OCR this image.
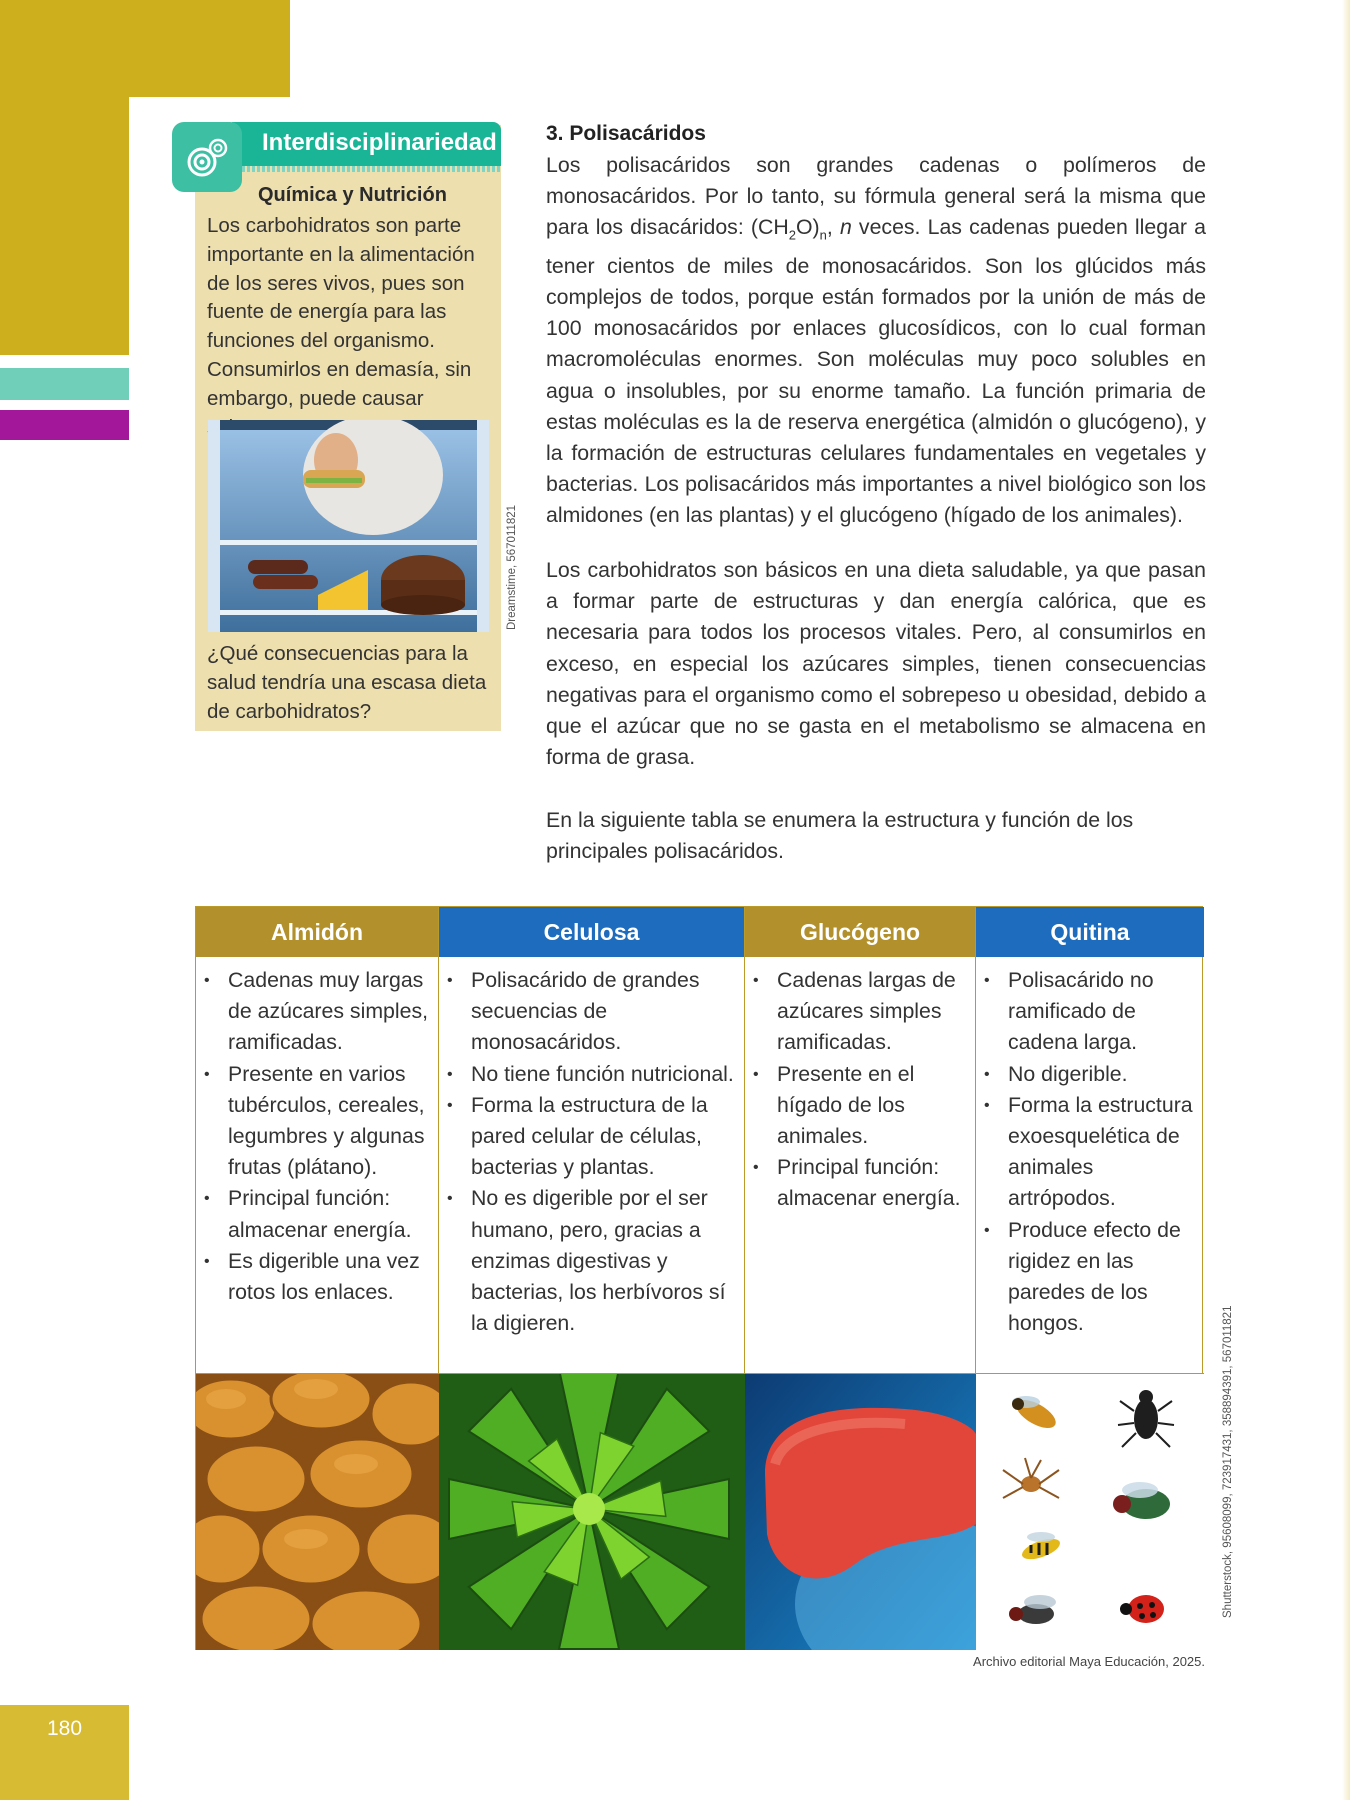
180
Interdisciplinariedad
Química y Nutrición
Los carbohidratos son parte importante en la alimentación de los seres vivos, pues son fuente de energía para las funciones del organismo. Consumirlos en demasía, sin embargo, puede causar
¿Qué consecuencias para la salud tendría una escasa dieta de carbohidratos?
Dreamstime, 567011821
3. Polisacáridos
Los polisacáridos son grandes cadenas o polímeros de monosacáridos. Por lo tanto, su fórmula general será la misma que para los disacáridos: $(CH_2O)_n$, n veces. Las cadenas pueden llegar a tener cientos de miles de monosacáridos. Son los glúcidos más complejos de todos, porque están formados por la unión de más de 100 monosacáridos por enlaces glucosídicos, con lo cual forman macromoléculas enormes. Son moléculas muy poco solubles en agua o insolubles, por su enorme tamaño. La función primaria de estas moléculas es la de reserva energética (almidón o glucógeno), y la formación de estructuras celulares fundamentales en vegetales y bacterias. Los polisacáridos más importantes a nivel biológico son los almidones (en las plantas) y el glucógeno (hígado de los animales).
Los carbohidratos son básicos en una dieta saludable, ya que pasan a formar parte de estructuras y dan energía calórica, que es necesaria para todos los procesos vitales. Pero, al consumirlos en exceso, en especial los azúcares simples, tienen consecuencias negativas para el organismo como el sobrepeso u obesidad, debido a que el azúcar que no se gasta en el metabolismo se almacena en forma de grasa.
En la siguiente tabla se enumera la estructura y función de los principales polisacáridos.
Almidón
• Cadenas muy largas de azúcares simples, ramificadas.
• Presente en varios tubérculos, cereales, legumbres y algunas frutas (plátano).
• Principal función: almacenar energía.
• Es digerible una vez rotos los enlaces.
Celulosa
• Polisacárido de grandes secuencias de monosacáridos.
• No tiene función nutricional.
• Forma la estructura de la pared celular de células, bacterias y plantas.
• No es digerible por el ser humano, pero, gracias a enzimas digestivas y bacterias, los herbívoros sí la digieren.
Glucógeno
• Cadenas largas de azúcares simples ramificadas.
• Presente en el hígado de los animales.
• Principal función: almacenar energía.
Quitina
• Polisacárido no ramificado de cadena larga.
• No digerible.
• Forma la estructura exoesquelética de animales artrópodos.
• Produce efecto de rigidez en las paredes de los hongos.	Shutterstock, 95608099, 723917431, 358894391, 567011821
Archivo editorial Maya Educación, 2025.
